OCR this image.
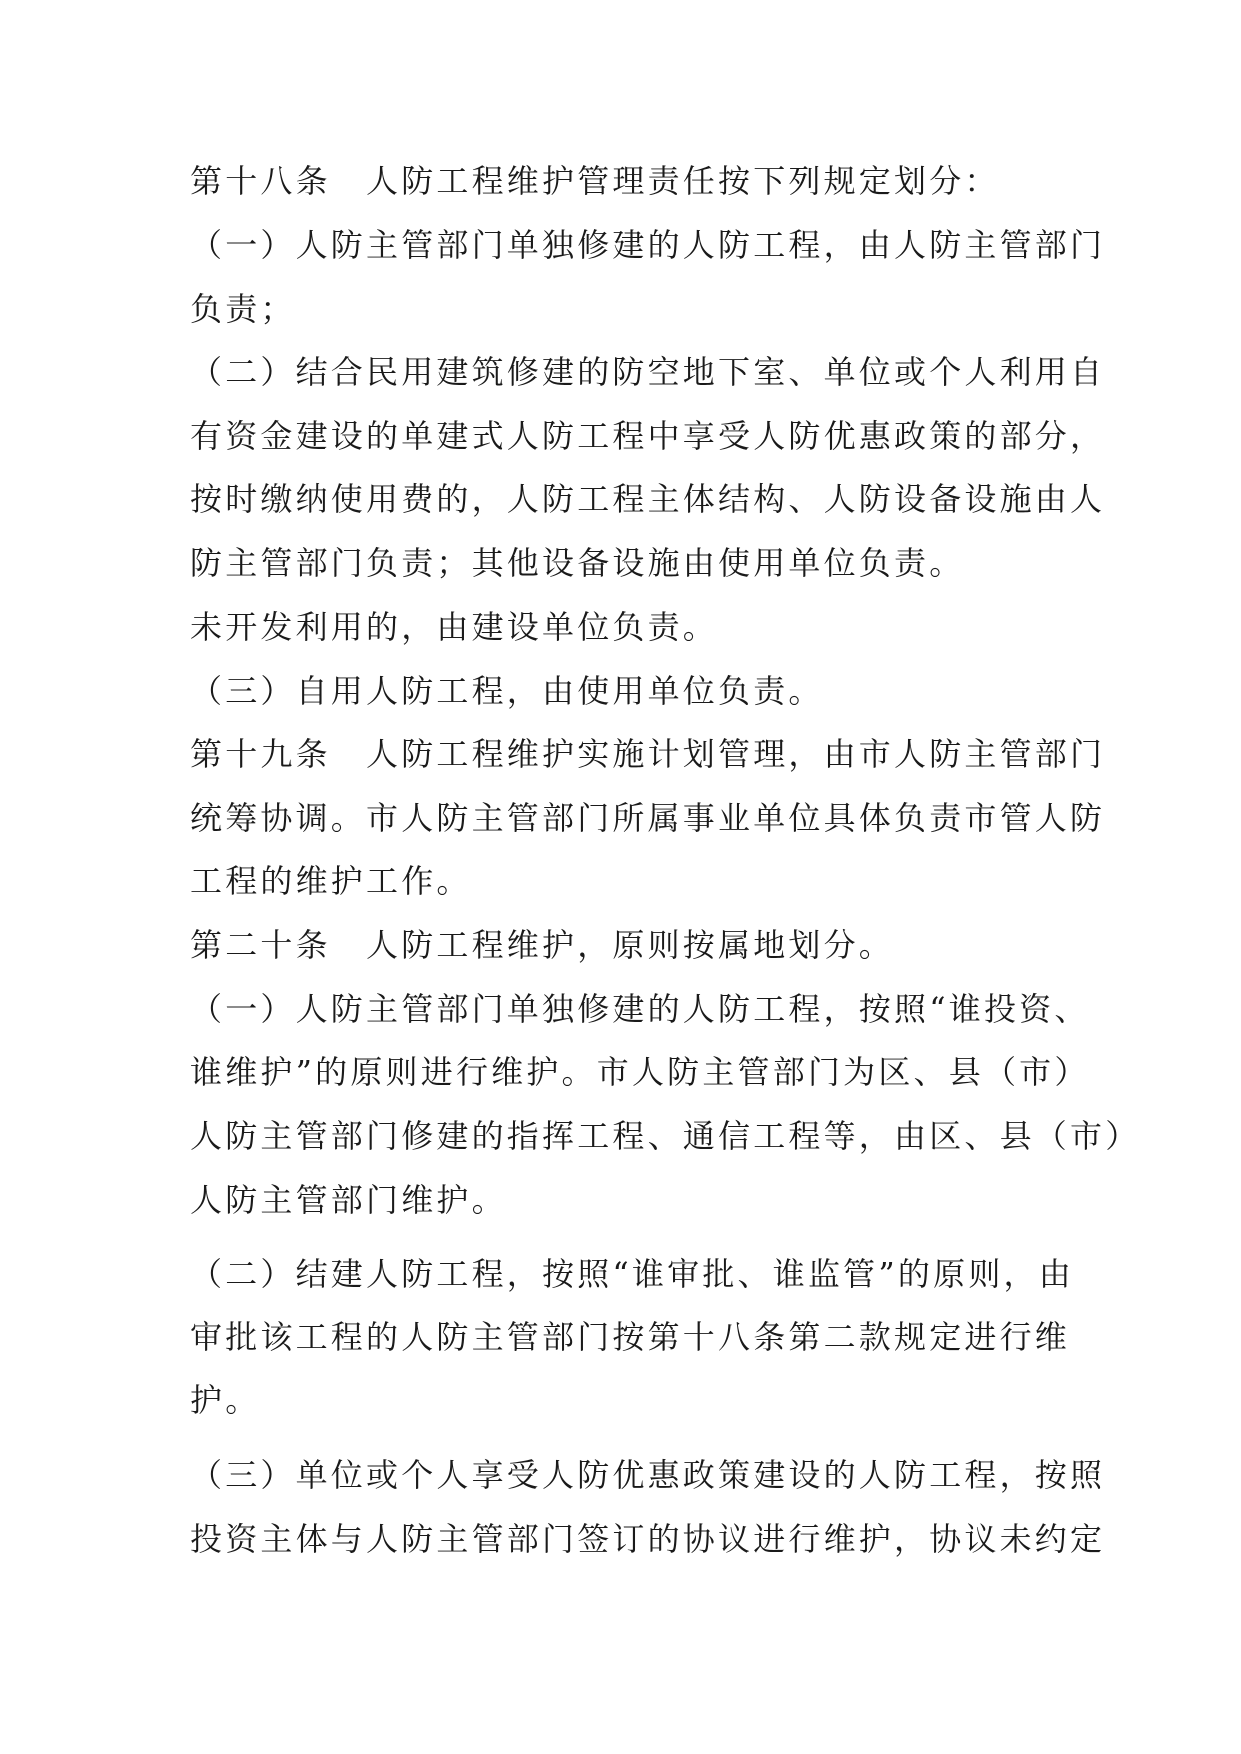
第十八条　人防工程维护管理责任按下列规定划分：
（一）人防主管部门单独修建的人防工程，由人防主管部门
负责；
（二）结合民用建筑修建的防空地下室、单位或个人利用自
有资金建设的单建式人防工程中享受人防优惠政策的部分，
按时缴纳使用费的，人防工程主体结构、人防设备设施由人
防主管部门负责；其他设备设施由使用单位负责。
未开发利用的，由建设单位负责。
（三）自用人防工程，由使用单位负责。
第十九条　人防工程维护实施计划管理，由市人防主管部门
统筹协调。市人防主管部门所属事业单位具体负责市管人防
工程的维护工作。
第二十条　人防工程维护，原则按属地划分。
（一）人防主管部门单独修建的人防工程，按照“谁投资、
谁维护”的原则进行维护。市人防主管部门为区、县（市）
人防主管部门修建的指挥工程、通信工程等，由区、县（市）
人防主管部门维护。
（二）结建人防工程，按照“谁审批、谁监管”的原则，由
审批该工程的人防主管部门按第十八条第二款规定进行维
护。
（三）单位或个人享受人防优惠政策建设的人防工程，按照
投资主体与人防主管部门签订的协议进行维护，协议未约定
